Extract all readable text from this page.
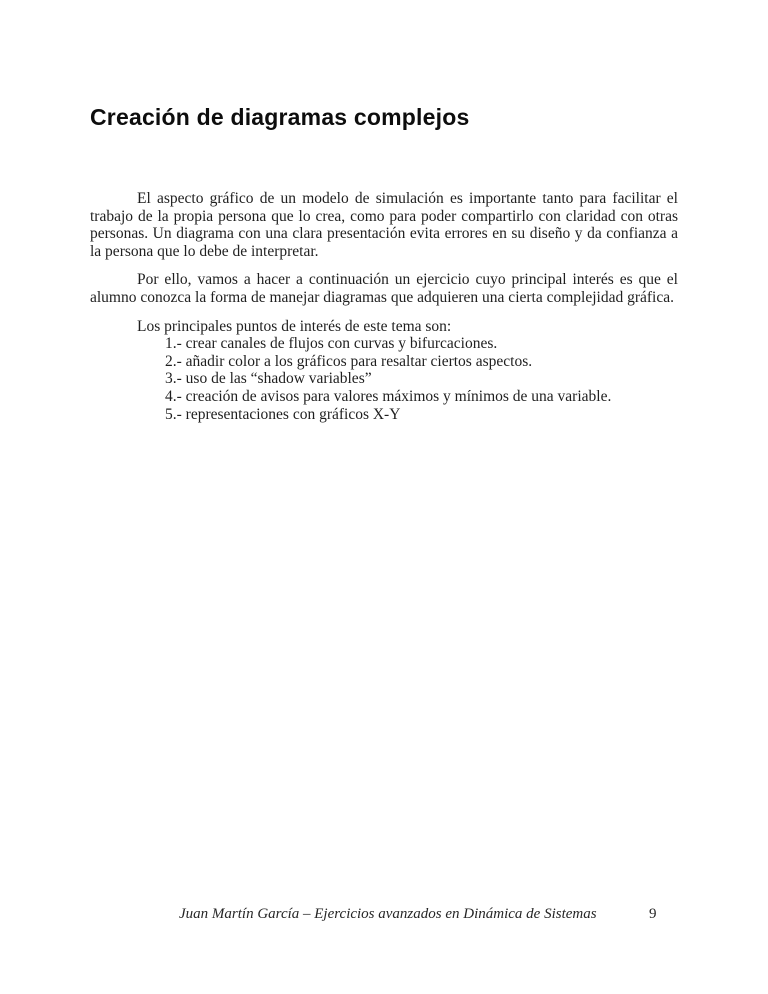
Creación de diagramas complejos

El aspecto gráfico de un modelo de simulación es importante tanto para facilitar el trabajo de la propia persona que lo crea, como para poder compartirlo con claridad con otras personas. Un diagrama con una clara presentación evita errores en su diseño y da confianza a la persona que lo debe de interpretar.

Por ello, vamos a hacer a continuación un ejercicio cuyo principal interés es que el alumno conozca la forma de manejar diagramas que adquieren una cierta complejidad gráfica.

Los principales puntos de interés de este tema son:
1.- crear canales de flujos con curvas y bifurcaciones.
2.- añadir color a los gráficos para resaltar ciertos aspectos.
3.- uso de las “shadow variables”
4.- creación de avisos para valores máximos y mínimos de una variable.
5.- representaciones con gráficos X-Y
Juan Martín García – Ejercicios avanzados en Dinámica de Sistemas	9
